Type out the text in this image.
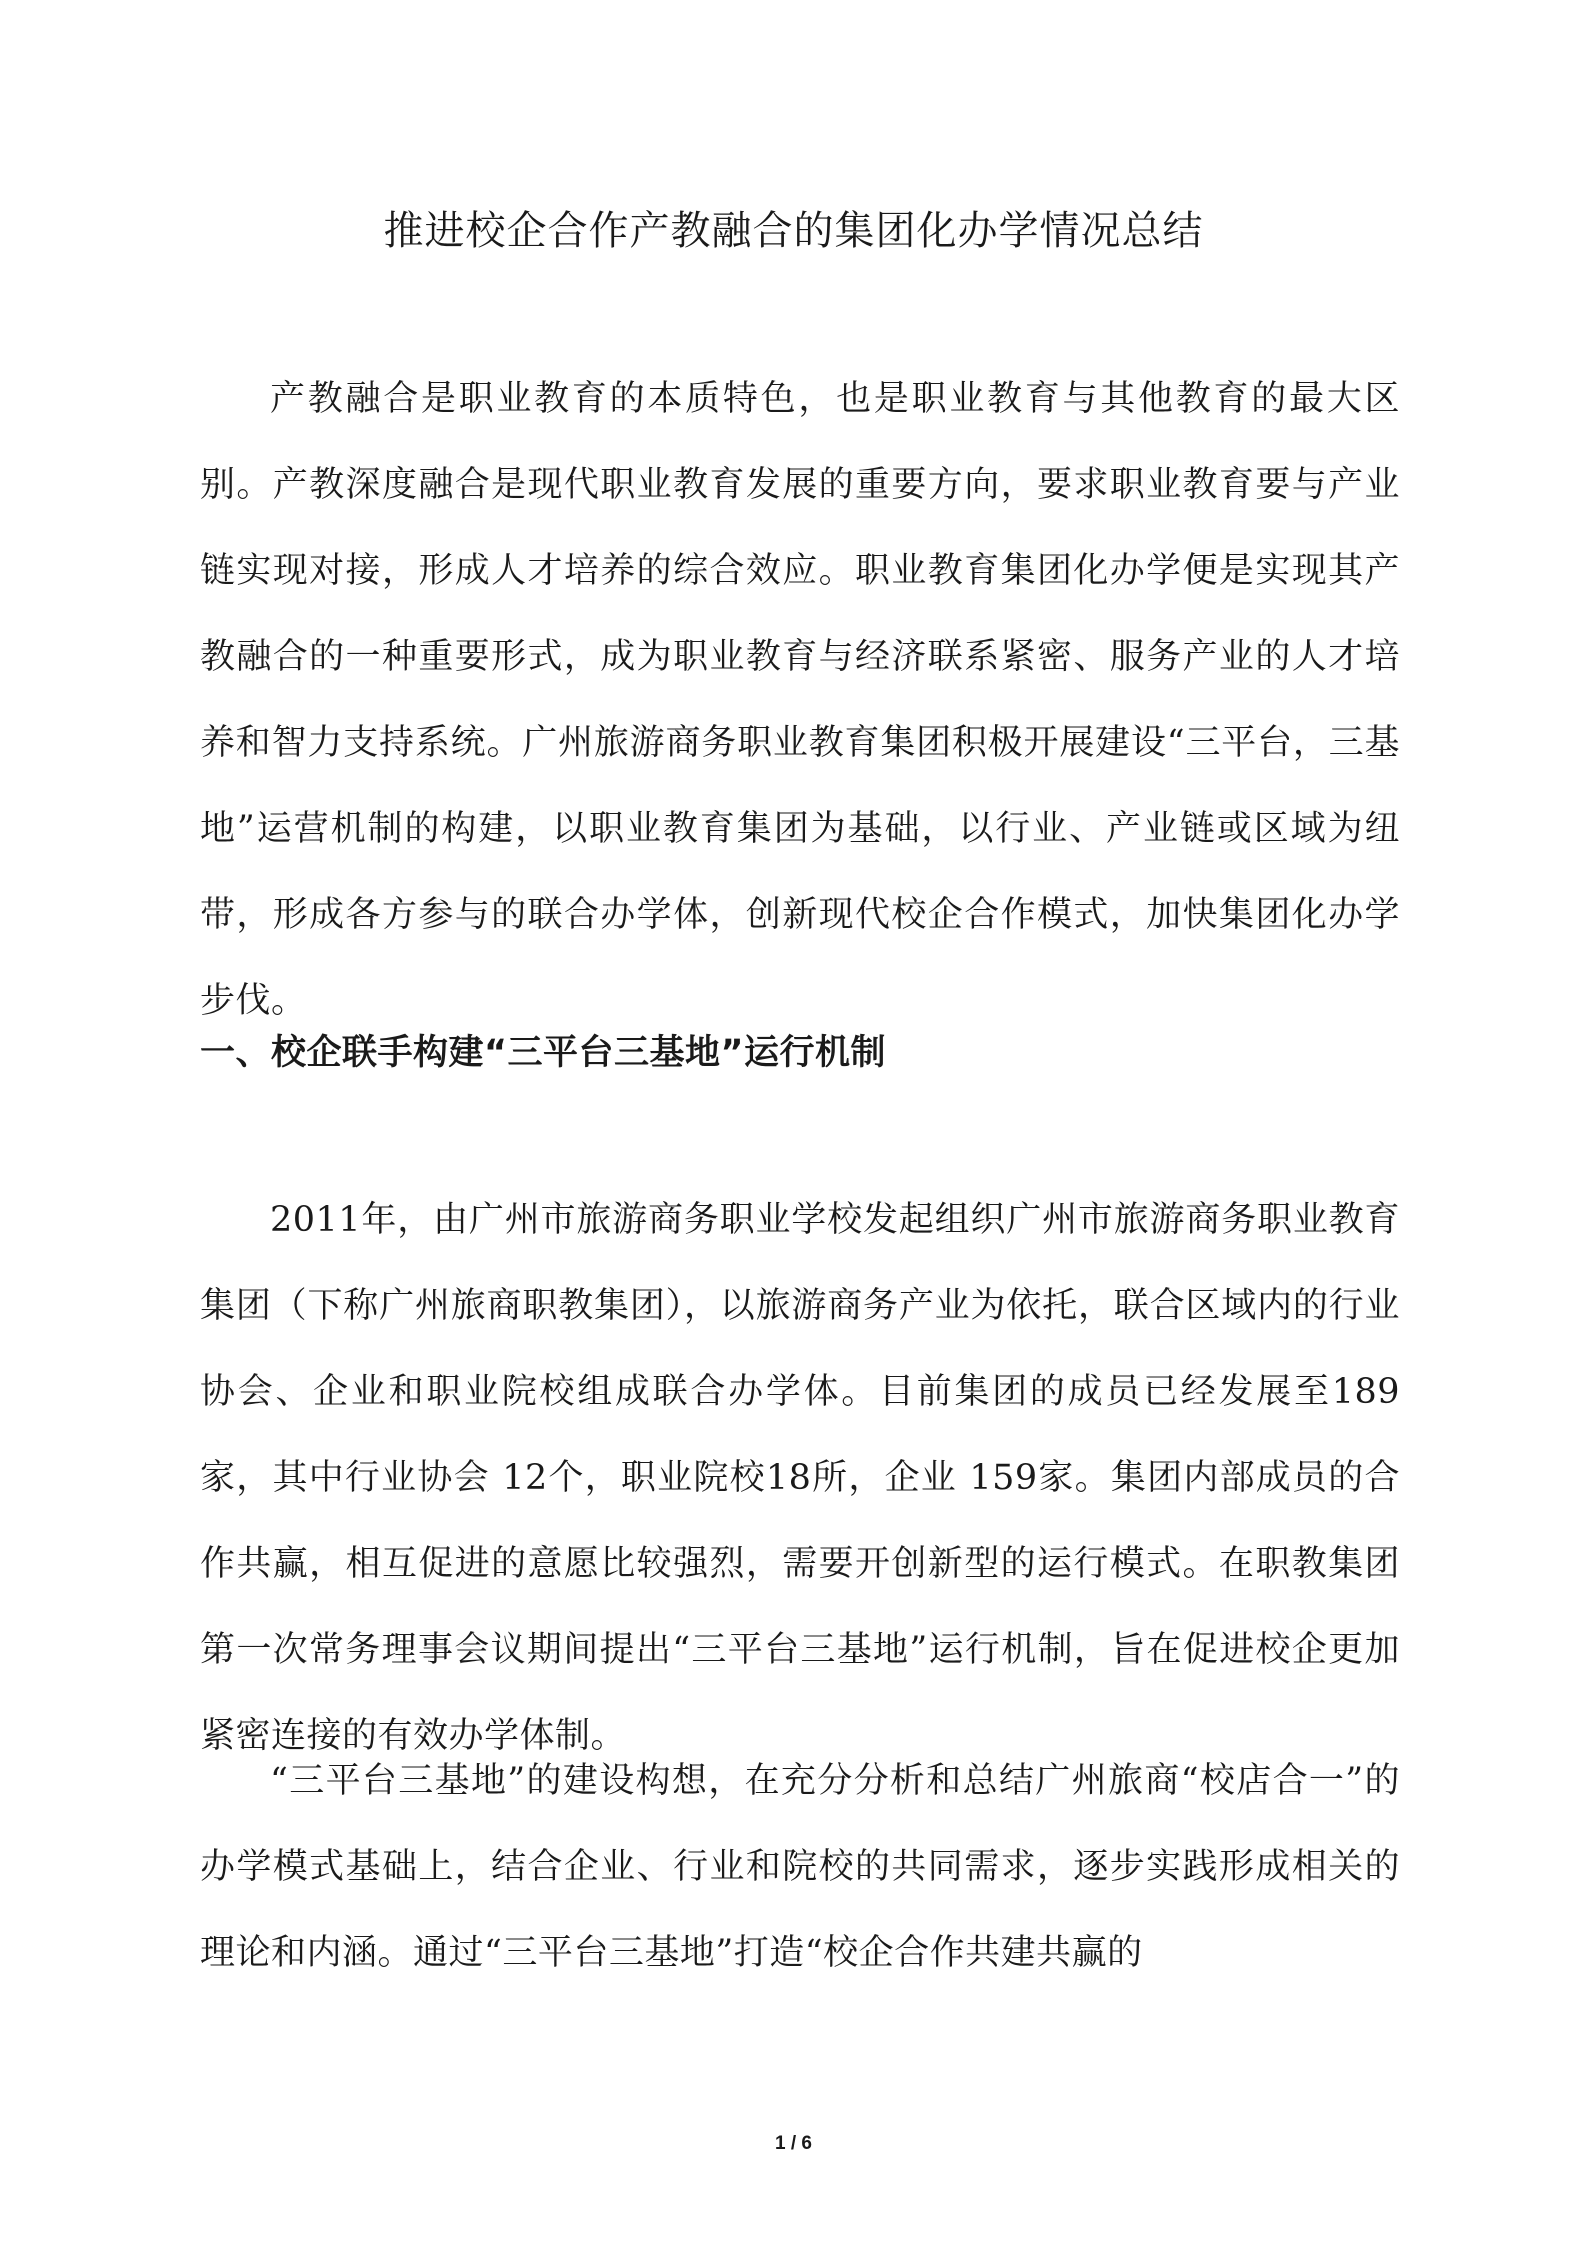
推进校企合作产教融合的集团化办学情况总结

产教融合是职业教育的本质特色，也是职业教育与其他教育的最大区别。产教深度融合是现代职业教育发展的重要方向，要求职业教育要与产业链实现对接，形成人才培养的综合效应。职业教育集团化办学便是实现其产教融合的一种重要形式，成为职业教育与经济联系紧密、服务产业的人才培养和智力支持系统。广州旅游商务职业教育集团积极开展建设“三平台，三基地”运营机制的构建，以职业教育集团为基础，以行业、产业链或区域为纽带，形成各方参与的联合办学体，创新现代校企合作模式，加快集团化办学步伐。

一、校企联手构建“三平台三基地”运行机制

2011年，由广州市旅游商务职业学校发起组织广州市旅游商务职业教育集团（下称广州旅商职教集团），以旅游商务产业为依托，联合区域内的行业协会、企业和职业院校组成联合办学体。目前集团的成员已经发展至189家，其中行业协会 12个，职业院校18所，企业 159家。集团内部成员的合作共赢，相互促进的意愿比较强烈，需要开创新型的运行模式。在职教集团第一次常务理事会议期间提出“三平台三基地”运行机制，旨在促进校企更加紧密连接的有效办学体制。

“三平台三基地”的建设构想，在充分分析和总结广州旅商“校店合一”的办学模式基础上，结合企业、行业和院校的共同需求，逐步实践形成相关的理论和内涵。通过“三平台三基地”打造“校企合作共建共赢的

1 / 6
